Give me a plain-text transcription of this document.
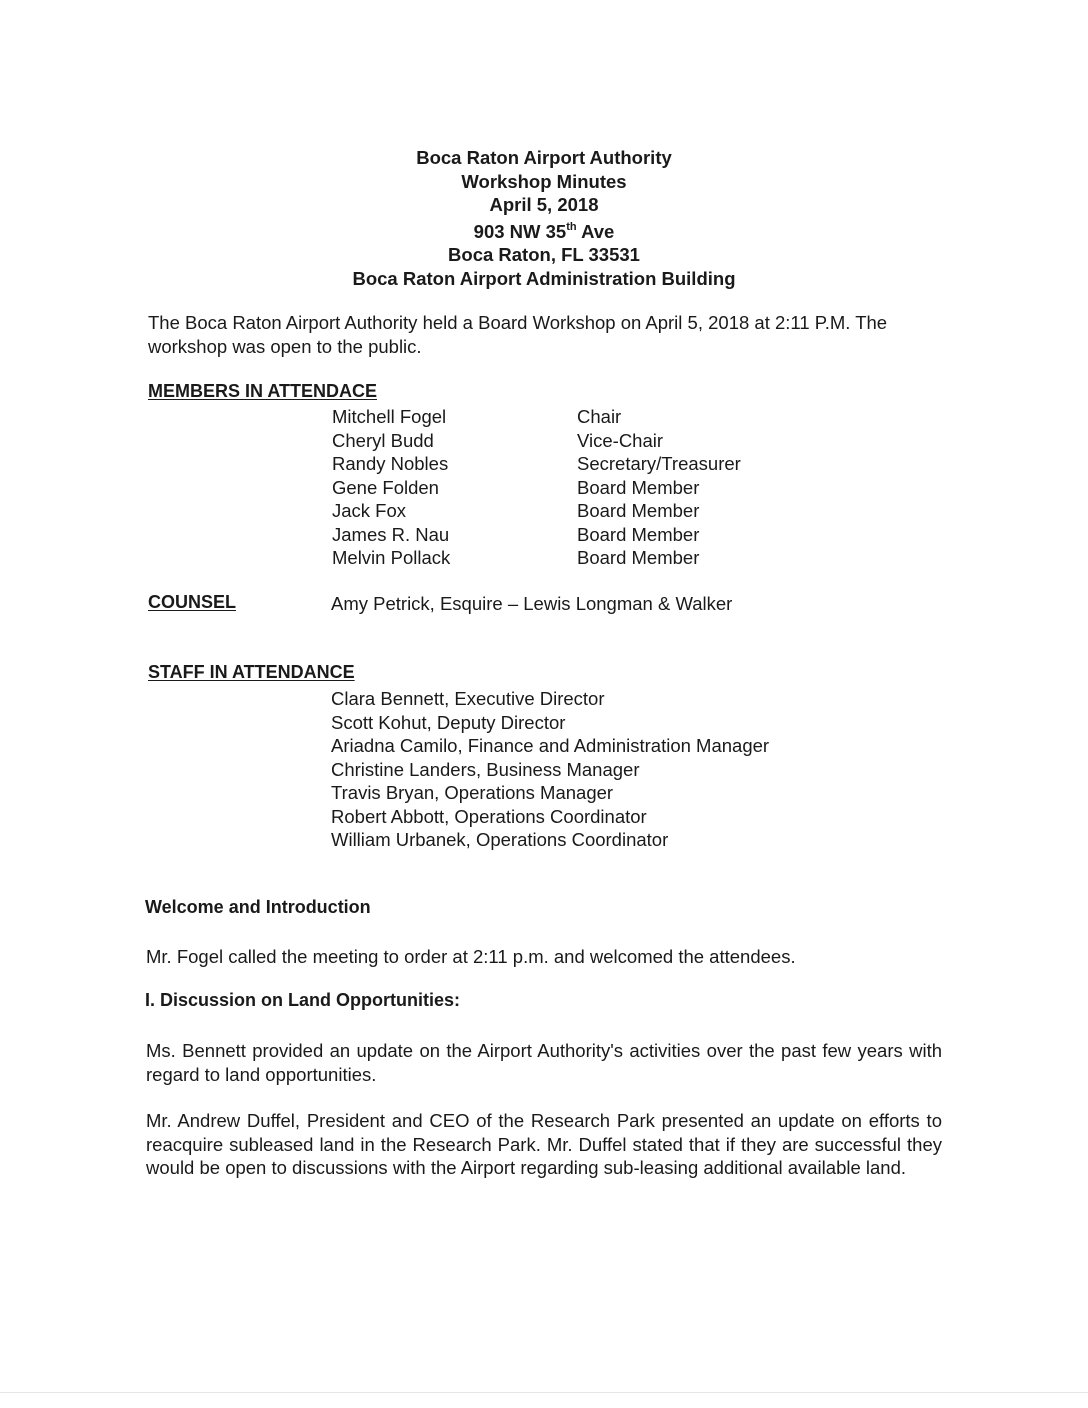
Boca Raton Airport Authority
Workshop Minutes
April 5, 2018
903 NW 35th Ave
Boca Raton, FL 33531
Boca Raton Airport Administration Building
The Boca Raton Airport Authority held a Board Workshop on April 5, 2018 at 2:11 P.M. The workshop was open to the public.
MEMBERS IN ATTENDACE
Mitchell Fogel	Chair
Cheryl Budd	Vice-Chair
Randy Nobles	Secretary/Treasurer
Gene Folden	Board Member
Jack Fox	Board Member
James R. Nau	Board Member
Melvin Pollack	Board Member
COUNSEL	Amy Petrick, Esquire – Lewis Longman & Walker
STAFF IN ATTENDANCE
Clara Bennett, Executive Director
Scott Kohut, Deputy Director
Ariadna Camilo, Finance and Administration Manager
Christine Landers, Business Manager
Travis Bryan, Operations Manager
Robert Abbott, Operations Coordinator
William Urbanek, Operations Coordinator
Welcome and Introduction
Mr. Fogel called the meeting to order at 2:11 p.m. and welcomed the attendees.
I. Discussion on Land Opportunities:
Ms. Bennett provided an update on the Airport Authority's activities over the past few years with regard to land opportunities.
Mr. Andrew Duffel, President and CEO of the Research Park presented an update on efforts to reacquire subleased land in the Research Park. Mr. Duffel stated that if they are successful they would be open to discussions with the Airport regarding sub-leasing additional available land.
